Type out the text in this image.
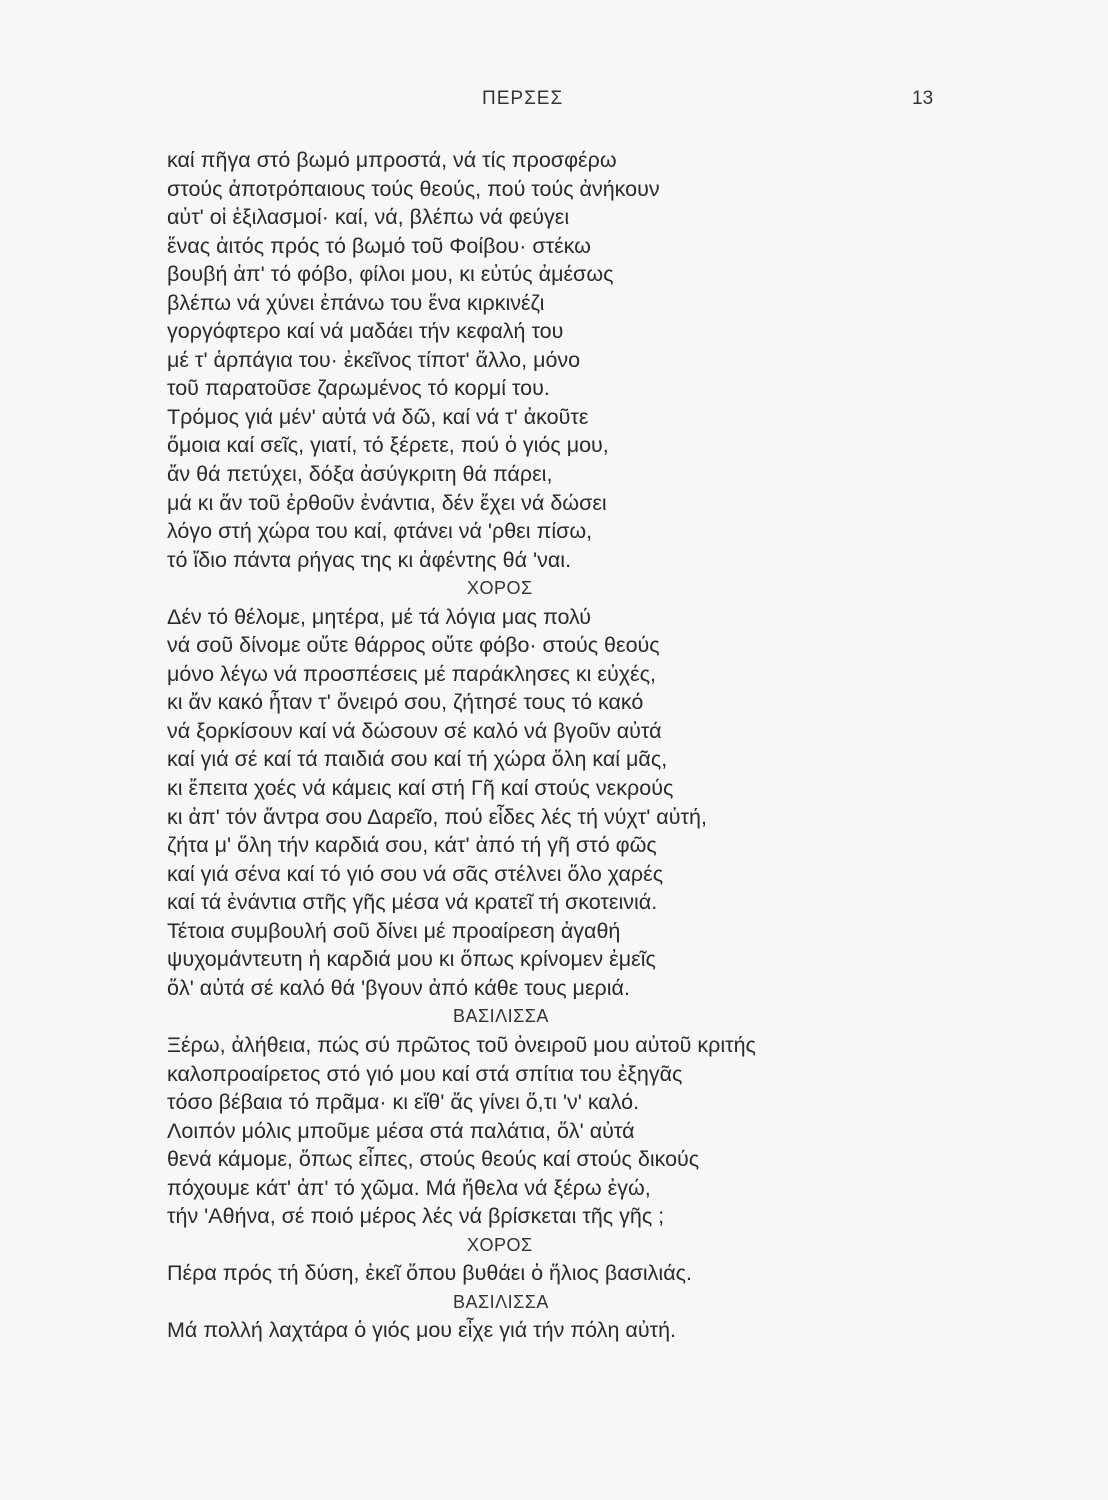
ΠΕΡΣΕΣ	13
καί πῆγα στό βωμό μπροστά, νά τίς προσφέρω
στούς ἀποτρόπαιους τούς θεούς, πού τούς ἀνήκουν
αὐτ' οἱ ἐξιλασμοί· καί, νά, βλέπω νά φεύγει
ἕνας ἀιτός πρός τό βωμό τοῦ Φοίβου· στέκω
βουβή ἀπ' τό φόβο, φίλοι μου, κι εὐτύς ἀμέσως
βλέπω νά χύνει ἐπάνω του ἕνα κιρκινέζι
γοργόφτερο καί νά μαδάει τήν κεφαλή του
μέ τ' ἁρπάγια του· ἐκεῖνος τίποτ' ἄλλο, μόνο
τοῦ παρατοῦσε ζαρωμένος τό κορμί του.
Τρόμος γιά μέν' αὐτά νά δῶ, καί νά τ' ἀκοῦτε
ὅμοια καί σεῖς, γιατί, τό ξέρετε, πού ὁ γιός μου,
ἄν θά πετύχει, δόξα ἀσύγκριτη θά πάρει,
μά κι ἄν τοῦ ἐρθοῦν ἐνάντια, δέν ἔχει νά δώσει
λόγο στή χώρα του καί, φτάνει νά 'ρθει πίσω,
τό ἴδιο πάντα ρήγας της κι ἀφέντης θά 'ναι.
ΧΟΡΟΣ
Δέν τό θέλομε, μητέρα, μέ τά λόγια μας πολύ
νά σοῦ δίνομε οὔτε θάρρος οὔτε φόβο· στούς θεούς
μόνο λέγω νά προσπέσεις μέ παράκλησες κι εὐχές,
κι ἄν κακό ἦταν τ' ὄνειρό σου, ζήτησέ τους τό κακό
νά ξορκίσουν καί νά δώσουν σέ καλό νά βγοῦν αὐτά
καί γιά σέ καί τά παιδιά σου καί τή χώρα ὅλη καί μᾶς,
κι ἔπειτα χοές νά κάμεις καί στή Γῆ καί στούς νεκρούς
κι ἀπ' τόν ἄντρα σου Δαρεῖο, πού εἶδες λές τή νύχτ' αὐτή,
ζήτα μ' ὅλη τήν καρδιά σου, κάτ' ἀπό τή γῆ στό φῶς
καί γιά σένα καί τό γιό σου νά σᾶς στέλνει ὅλο χαρές
καί τά ἐνάντια στῆς γῆς μέσα νά κρατεῖ τή σκοτεινιά.
Τέτοια συμβουλή σοῦ δίνει μέ προαίρεση ἀγαθή
ψυχομάντευτη ἡ καρδιά μου κι ὅπως κρίνομεν ἐμεῖς
ὅλ' αὐτά σέ καλό θά 'βγουν ἀπό κάθε τους μεριά.
ΒΑΣΙΛΙΣΣΑ
Ξέρω, ἀλήθεια, πώς σύ πρῶτος τοῦ ὀνειροῦ μου αὐτοῦ κριτής
καλοπροαίρετος στό γιό μου καί στά σπίτια του ἐξηγᾶς
τόσο βέβαια τό πρᾶμα· κι εἴθ' ἄς γίνει ὅ,τι 'ν' καλό.
Λοιπόν μόλις μποῦμε μέσα στά παλάτια, ὅλ' αὐτά
θενά κάμομε, ὅπως εἶπες, στούς θεούς καί στούς δικούς
πόχουμε κάτ' ἀπ' τό χῶμα. Μά ἤθελα νά ξέρω ἐγώ,
τήν 'Αθήνα, σέ ποιό μέρος λές νά βρίσκεται τῆς γῆς ;
ΧΟΡΟΣ
Πέρα πρός τή δύση, ἐκεῖ ὅπου βυθάει ὁ ἥλιος βασιλιάς.
ΒΑΣΙΛΙΣΣΑ
Μά πολλή λαχτάρα ὁ γιός μου εἶχε γιά τήν πόλη αὐτή.
